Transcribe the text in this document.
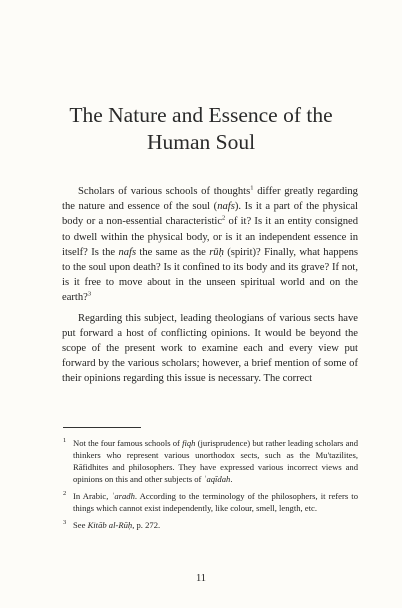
The Nature and Essence of the
Human Soul

Scholars of various schools of thoughts$^1$ differ greatly regarding the nature and essence of the soul (nafs). Is it a part of the physical body or a non-essential characteristic$^2$ of it? Is it an entity consigned to dwell within the physical body, or is it an independent essence in itself? Is the nafs the same as the rūḥ (spirit)? Finally, what happens to the soul upon death? Is it confined to its body and its grave? If not, is it free to move about in the unseen spiritual world and on the earth?$^3$

Regarding this subject, leading theologians of various sects have put forward a host of conflicting opinions. It would be beyond the scope of the present work to examine each and every view put forward by the various scholars; however, a brief mention of some of their opinions regarding this issue is necessary. The correct

1 Not the four famous schools of fiqh (jurisprudence) but rather leading scholars and thinkers who represent various unorthodox sects, such as the Mu'tazilites, Rāfidhites and philosophers. They have expressed various incorrect views and opinions on this and other subjects of ʿaqīdah.
2 In Arabic, ʿaradh. According to the terminology of the philosophers, it refers to things which cannot exist independently, like colour, smell, length, etc.
3 See Kitāb al-Rūḥ, p. 272.
11
